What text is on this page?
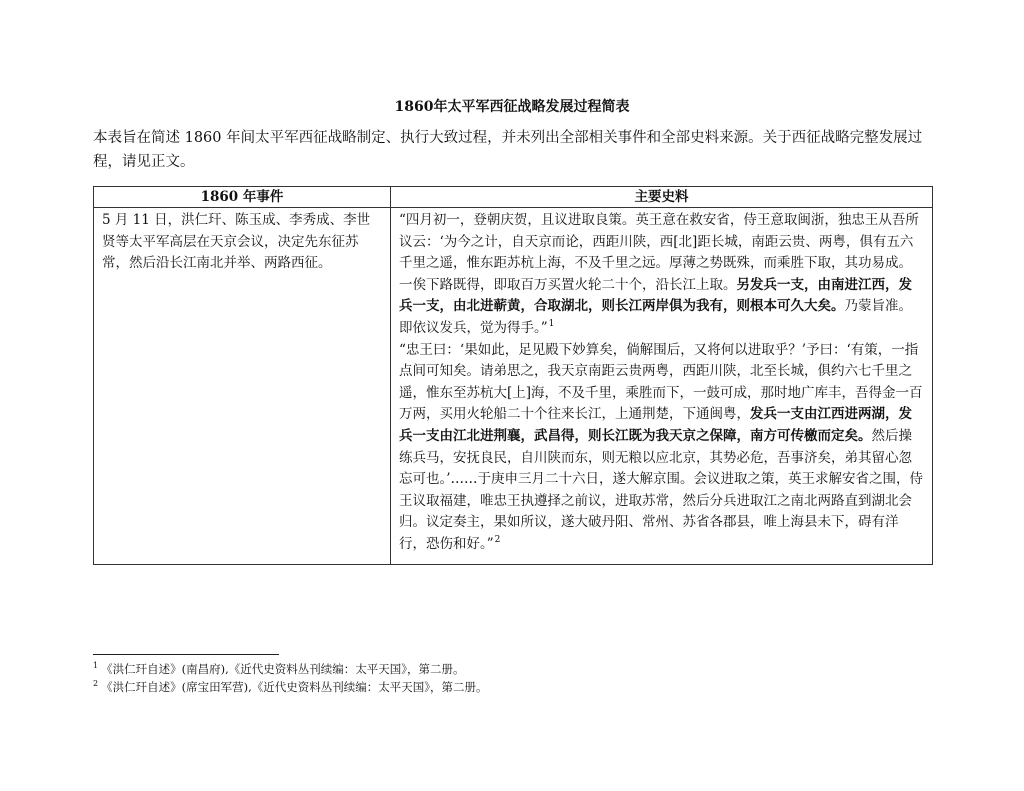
1860年太平军西征战略发展过程简表
本表旨在简述 1860 年间太平军西征战略制定、执行大致过程，并未列出全部相关事件和全部史料来源。关于西征战略完整发展过程，请见正文。
1860 年事件	主要史料

5 月 11 日，洪仁玕、陈玉成、李秀成、李世贤等太平军高层在天京会议，决定先东征苏常，然后沿长江南北并举、两路西征。	“四月初一，登朝庆贺，且议进取良策。英王意在救安省，侍王意取闽浙，独忠王从吾所议云：‘为今之计，自天京而论，西距川陕，西[北]距长城，南距云贵、两粤，俱有五六千里之遥，惟东距苏杭上海，不及千里之远。厚薄之势既殊，而乘胜下取，其功易成。一俟下路既得，即取百万买置火轮二十个，沿长江上取。另发兵一支，由南进江西，发兵一支，由北进蕲黄，合取湖北，则长江两岸俱为我有，则根本可久大矣。乃蒙旨准。 即依议发兵，觉为得手。”$^1$

“忠王曰：‘果如此，足见殿下妙算矣，倘解围后，又将何以进取乎？’予曰：‘有策，一指点间可知矣。请弟思之，我天京南距云贵两粤，西距川陕，北至长城，俱约六七千里之遥，惟东至苏杭大[上]海，不及千里，乘胜而下，一鼓可成，那时地广库丰，吾得金一百万两，买用火轮船二十个往来长江，上通荆楚，下通闽粤，发兵一支由江西进两湖，发兵一支由江北进荆襄，武昌得，则长江既为我天京之保障，南方可传檄而定矣。然后操练兵马，安抚良民，自川陕而东，则无粮以应北京，其势必危，吾事济矣，弟其留心忽忘可也。’……于庚申三月二十六日，遂大解京围。会议进取之策，英王求解安省之围，侍王议取福建，唯忠王执遵择之前议，进取苏常，然后分兵进取江之南北两路直到湖北会归。议定奏主，果如所议，遂大破丹阳、常州、苏省各郡县，唯上海县未下，碍有洋行，恐伤和好。”$^2$

$^1$ 《洪仁玕自述》(南昌府),《近代史资料丛刊续编：太平天国》，第二册。
$^2$ 《洪仁玕自述》(席宝田军营),《近代史资料丛刊续编：太平天国》，第二册。
